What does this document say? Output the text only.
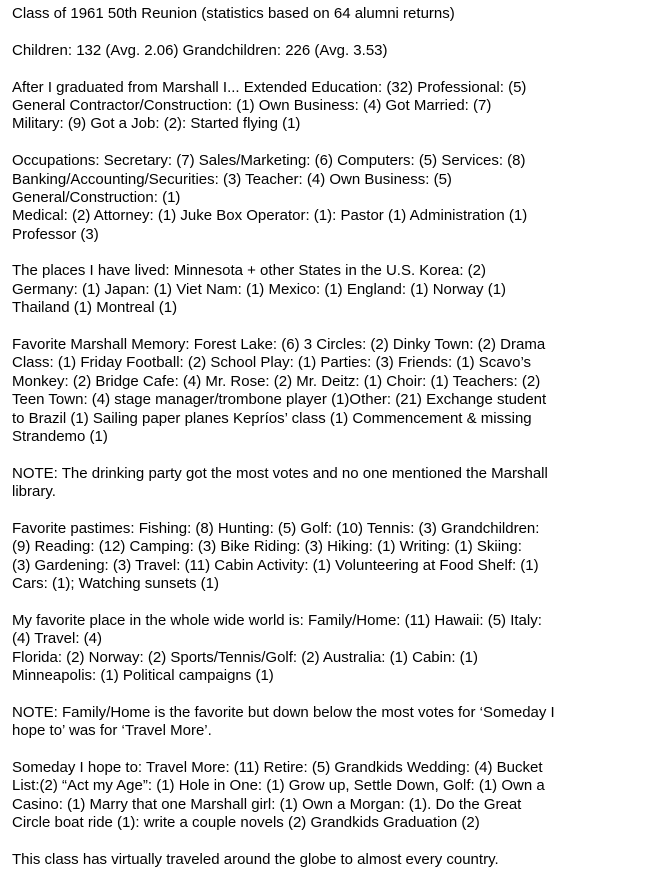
Class of 1961 50th Reunion (statistics based on 64 alumni returns)

Children: 132 (Avg. 2.06) Grandchildren: 226 (Avg. 3.53)

After I graduated from Marshall I... Extended Education: (32) Professional: (5)

General Contractor/Construction: (1) Own Business: (4) Got Married: (7)

Military: (9) Got a Job: (2): Started flying (1)

Occupations: Secretary: (7) Sales/Marketing: (6) Computers: (5) Services: (8)

Banking/Accounting/Securities: (3) Teacher: (4) Own Business: (5)

General/Construction: (1)

Medical: (2) Attorney: (1) Juke Box Operator: (1): Pastor (1) Administration (1)

Professor (3)

The places I have lived: Minnesota + other States in the U.S. Korea: (2)

Germany: (1) Japan: (1) Viet Nam: (1) Mexico: (1) England: (1) Norway (1)

Thailand (1) Montreal (1)

Favorite Marshall Memory: Forest Lake: (6) 3 Circles: (2) Dinky Town: (2) Drama

Class: (1) Friday Football: (2) School Play: (1) Parties: (3) Friends: (1) Scavo’s

Monkey: (2) Bridge Cafe: (4) Mr. Rose: (2) Mr. Deitz: (1) Choir: (1) Teachers: (2)

Teen Town: (4) stage manager/trombone player (1)Other: (21) Exchange student

to Brazil (1) Sailing paper planes Kepríos’ class (1) Commencement & missing

Strandemo (1)

NOTE: The drinking party got the most votes and no one mentioned the Marshall

library.

Favorite pastimes: Fishing: (8) Hunting: (5) Golf: (10) Tennis: (3) Grandchildren:

(9) Reading: (12) Camping: (3) Bike Riding: (3) Hiking: (1) Writing: (1) Skiing:

(3) Gardening: (3) Travel: (11) Cabin Activity: (1) Volunteering at Food Shelf: (1)

Cars: (1); Watching sunsets (1)

My favorite place in the whole wide world is: Family/Home: (11) Hawaii: (5) Italy:

(4) Travel: (4)

Florida: (2) Norway: (2) Sports/Tennis/Golf: (2) Australia: (1) Cabin: (1)

Minneapolis: (1) Political campaigns (1)

NOTE: Family/Home is the favorite but down below the most votes for ‘Someday I

hope to’ was for ‘Travel More’.

Someday I hope to: Travel More: (11) Retire: (5) Grandkids Wedding: (4) Bucket

List:(2) “Act my Age”: (1) Hole in One: (1) Grow up, Settle Down, Golf: (1) Own a

Casino: (1) Marry that one Marshall girl: (1) Own a Morgan: (1). Do the Great

Circle boat ride (1): write a couple novels (2) Grandkids Graduation (2)

This class has virtually traveled around the globe to almost every country.
